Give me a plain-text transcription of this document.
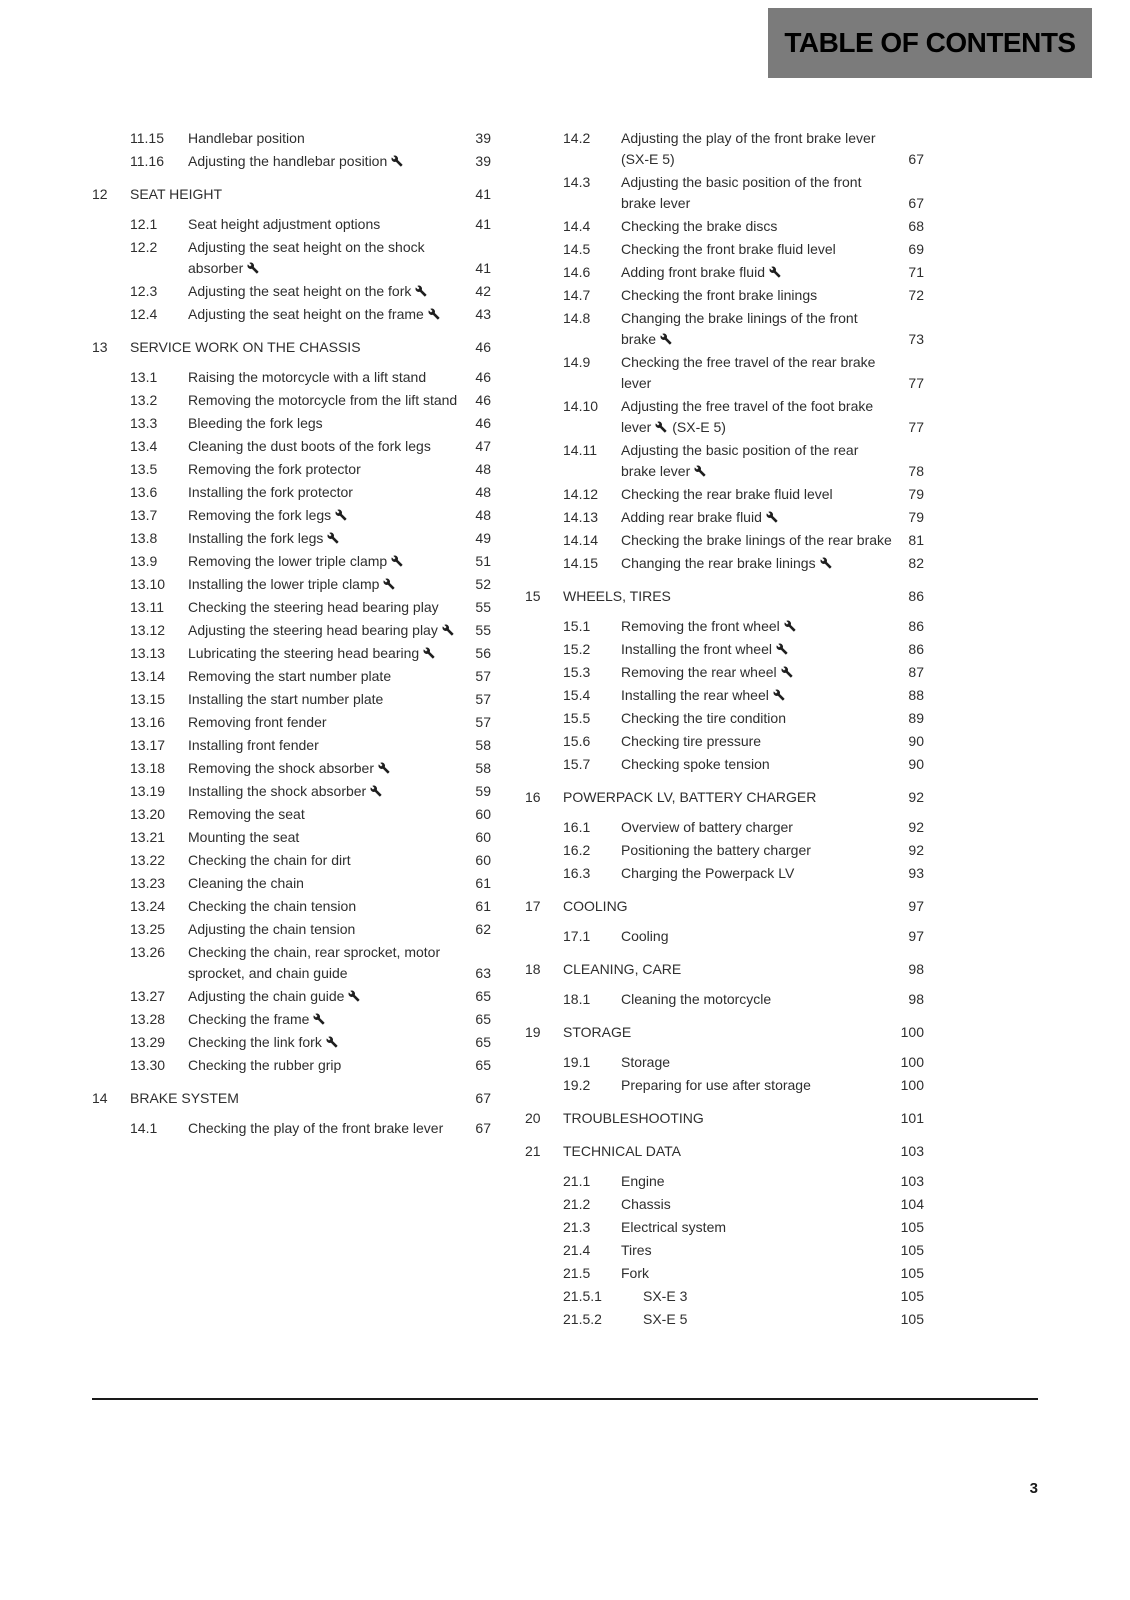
TABLE OF CONTENTS
11.15	Handlebar position	39
11.16	Adjusting the handlebar position	39
12	SEAT HEIGHT	41
12.1	Seat height adjustment options	41
12.2	Adjusting the seat height on the shock absorber	41
12.3	Adjusting the seat height on the fork	42
12.4	Adjusting the seat height on the frame	43
13	SERVICE WORK ON THE CHASSIS	46
13.1	Raising the motorcycle with a lift stand	46
13.2	Removing the motorcycle from the lift stand	46
13.3	Bleeding the fork legs	46
13.4	Cleaning the dust boots of the fork legs	47
13.5	Removing the fork protector	48
13.6	Installing the fork protector	48
13.7	Removing the fork legs	48
13.8	Installing the fork legs	49
13.9	Removing the lower triple clamp	51
13.10	Installing the lower triple clamp	52
13.11	Checking the steering head bearing play	55
13.12	Adjusting the steering head bearing play	55
13.13	Lubricating the steering head bearing	56
13.14	Removing the start number plate	57
13.15	Installing the start number plate	57
13.16	Removing front fender	57
13.17	Installing front fender	58
13.18	Removing the shock absorber	58
13.19	Installing the shock absorber	59
13.20	Removing the seat	60
13.21	Mounting the seat	60
13.22	Checking the chain for dirt	60
13.23	Cleaning the chain	61
13.24	Checking the chain tension	61
13.25	Adjusting the chain tension	62
13.26	Checking the chain, rear sprocket, motor sprocket, and chain guide	63
13.27	Adjusting the chain guide	65
13.28	Checking the frame	65
13.29	Checking the link fork	65
13.30	Checking the rubber grip	65
14	BRAKE SYSTEM	67
14.1	Checking the play of the front brake lever	67
14.2	Adjusting the play of the front brake lever (SX-E 5)	67
14.3	Adjusting the basic position of the front brake lever	67
14.4	Checking the brake discs	68
14.5	Checking the front brake fluid level	69
14.6	Adding front brake fluid	71
14.7	Checking the front brake linings	72
14.8	Changing the brake linings of the front brake	73
14.9	Checking the free travel of the rear brake lever	77
14.10	Adjusting the free travel of the foot brake lever (SX-E 5)	77
14.11	Adjusting the basic position of the rear brake lever	78
14.12	Checking the rear brake fluid level	79
14.13	Adding rear brake fluid	79
14.14	Checking the brake linings of the rear brake	81
14.15	Changing the rear brake linings	82
15	WHEELS, TIRES	86
15.1	Removing the front wheel	86
15.2	Installing the front wheel	86
15.3	Removing the rear wheel	87
15.4	Installing the rear wheel	88
15.5	Checking the tire condition	89
15.6	Checking tire pressure	90
15.7	Checking spoke tension	90
16	POWERPACK LV, BATTERY CHARGER	92
16.1	Overview of battery charger	92
16.2	Positioning the battery charger	92
16.3	Charging the Powerpack LV	93
17	COOLING	97
17.1	Cooling	97
18	CLEANING, CARE	98
18.1	Cleaning the motorcycle	98
19	STORAGE	100
19.1	Storage	100
19.2	Preparing for use after storage	100
20	TROUBLESHOOTING	101
21	TECHNICAL DATA	103
21.1	Engine	103
21.2	Chassis	104
21.3	Electrical system	105
21.4	Tires	105
21.5	Fork	105
21.5.1	SX-E 3	105
21.5.2	SX-E 5	105
3
